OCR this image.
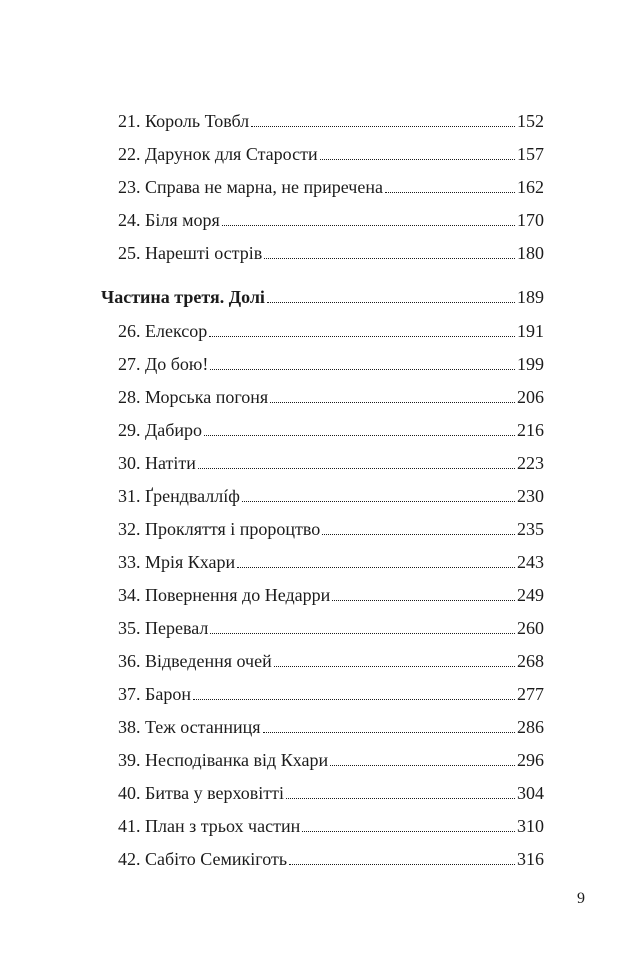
21. Король Товбл	152
22. Дарунок для Старости	157
23. Справа не марна, не приречена	162
24. Біля моря	170
25. Нарешті острів	180
Частина третя. Долі	189
26. Елексор	191
27. До бою!	199
28. Морська погоня	206
29. Дабиро	216
30. Натіти	223
31. Ґрендваллíф	230
32. Прокляття і пророцтво	235
33. Мрія Кхари	243
34. Повернення до Недарри	249
35. Перевал	260
36. Відведення очей	268
37. Барон	277
38. Теж останниця	286
39. Несподіванка від Кхари	296
40. Битва у верховітті	304
41. План з трьох частин	310
42. Сабіто Семикіготь	316
9
